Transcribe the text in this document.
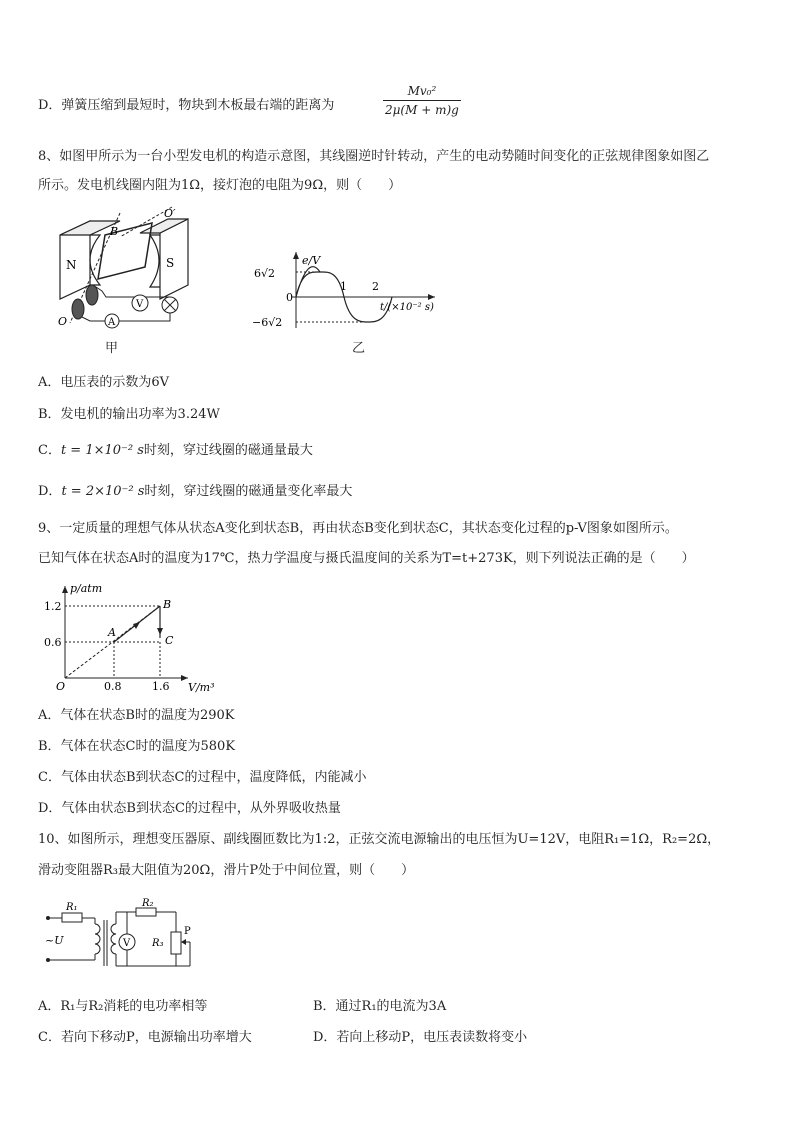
D．弹簧压缩到最短时，物块到木板最右端的距离为
Mv₀²
2μ(M + m)g
8、如图甲所示为一台小型发电机的构造示意图，其线圈逆时针转动，产生的电动势随时间变化的正弦规律图象如图乙
所示。发电机线圈内阻为1Ω，接灯泡的电阻为9Ω，则（　　）
N	S
O′
B
O
V
A
甲
e/V
6√2
0
1 2
−6√2
t/(×10⁻² s)
乙
A．电压表的示数为6V
B．发电机的输出功率为3.24W
C．t = 1×10⁻² s时刻，穿过线圈的磁通量最大
D．t = 2×10⁻² s时刻，穿过线圈的磁通量变化率最大
9、一定质量的理想气体从状态A变化到状态B，再由状态B变化到状态C，其状态变化过程的p-V图象如图所示。
已知气体在状态A时的温度为17℃，热力学温度与摄氏温度间的关系为T=t+273K，则下列说法正确的是（　　）
p/atm
1.2
0.6
O	0.8	1.6 V/m³
A
B
C
A．气体在状态B时的温度为290K
B．气体在状态C时的温度为580K
C．气体由状态B到状态C的过程中，温度降低，内能减小
D．气体由状态B到状态C的过程中，从外界吸收热量
10、如图所示，理想变压器原、副线圈匝数比为1:2，正弦交流电源输出的电压恒为U=12V，电阻R₁=1Ω，R₂=2Ω，
滑动变阻器R₃最大阻值为20Ω，滑片P处于中间位置，则（　　）
R₁
~U
R₂
V R₃
P
A．R₁与R₂消耗的电功率相等	B．通过R₁的电流为3A
C．若向下移动P，电源输出功率增大	D．若向上移动P，电压表读数将变小
